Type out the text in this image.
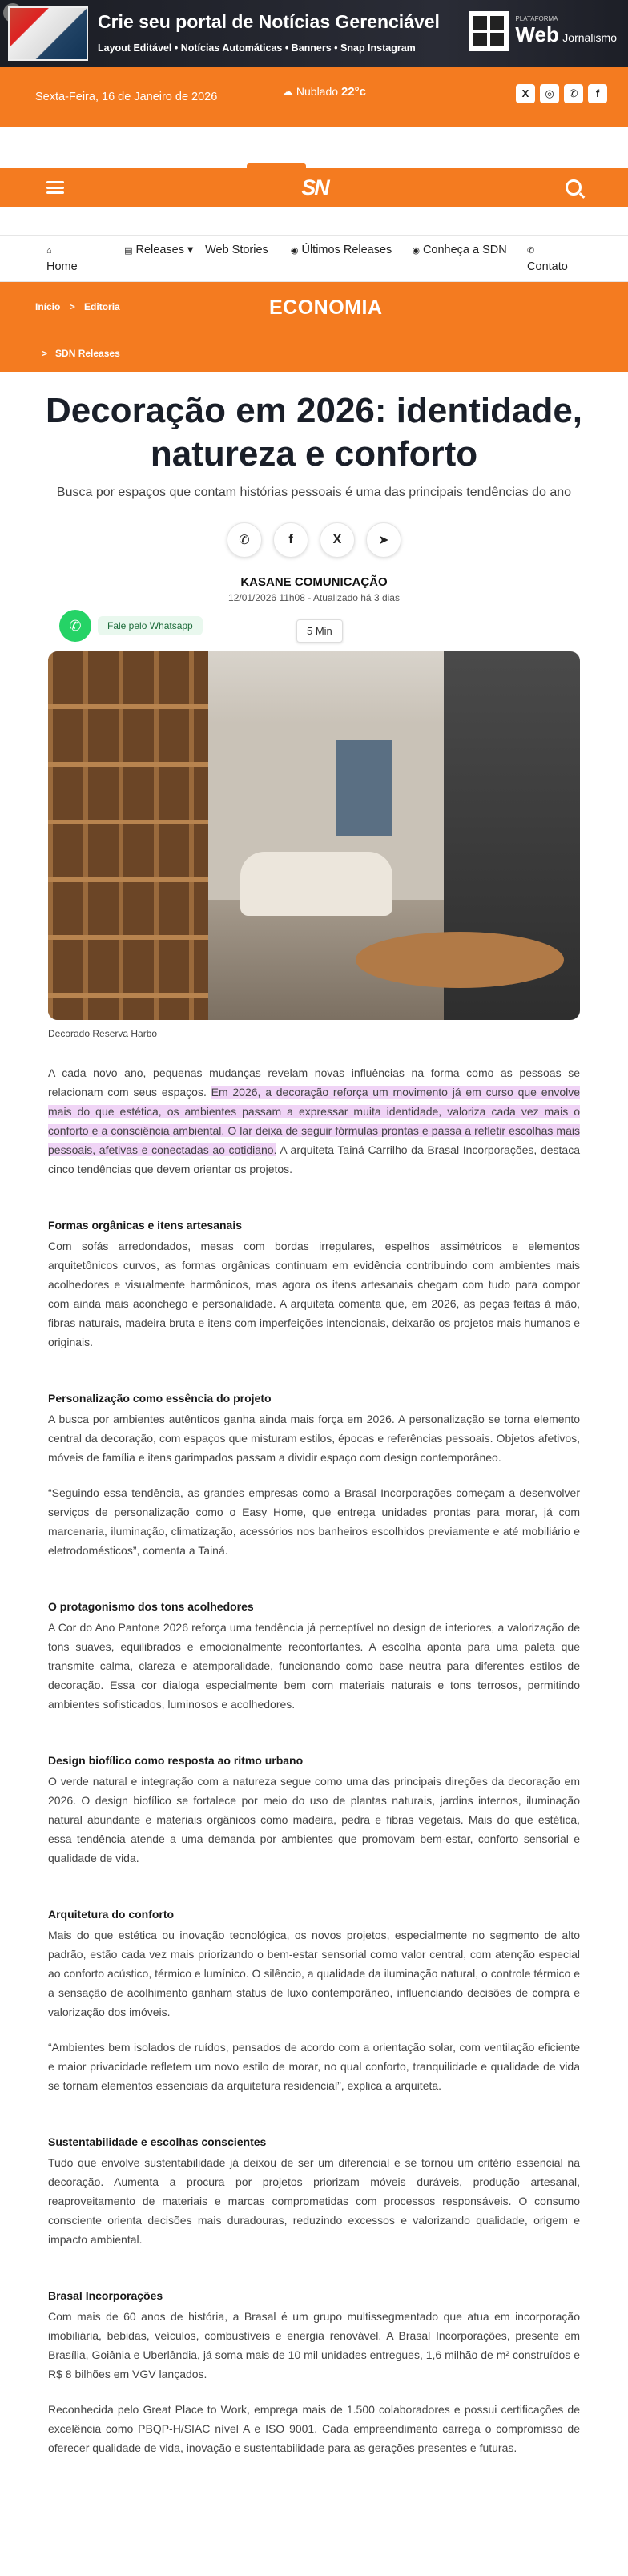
Crie seu portal de Notícias Gerenciável
Layout Editável • Notícias Automáticas • Banners • Snap Instagram
PLATAFORMA
Web Jornalismo
Sexta-Feira, 16 de Janeiro de 2026	☁ Nublado 22°c	X	◎	✆	f
SN
⌂
Home
▤ Releases ▾	Web Stories	◉ Últimos Releases	◉ Conheça a SDN	✆
Contato
Início > Editoria	ECONOMIA
> SDN Releases
Decoração em 2026: identidade, natureza e conforto
Busca por espaços que contam histórias pessoais é uma das principais tendências do ano
✆	f	X	➤
KASANE COMUNICAÇÃO
12/01/2026 11h08 - Atualizado há 3 dias
✆	Fale pelo Whatsapp	5 Min
Decorado Reserva Harbo

A cada novo ano, pequenas mudanças revelam novas influências na forma como as pessoas se relacionam com seus espaços. Em 2026, a decoração reforça um movimento já em curso que envolve mais do que estética, os ambientes passam a expressar muita identidade, valoriza cada vez mais o conforto e a consciência ambiental. O lar deixa de seguir fórmulas prontas e passa a refletir escolhas mais pessoais, afetivas e conectadas ao cotidiano. A arquiteta Tainá Carrilho da Brasal Incorporações, destaca cinco tendências que devem orientar os projetos.

Formas orgânicas e itens artesanais

Com sofás arredondados, mesas com bordas irregulares, espelhos assimétricos e elementos arquitetônicos curvos, as formas orgânicas continuam em evidência contribuindo com ambientes mais acolhedores e visualmente harmônicos, mas agora os itens artesanais chegam com tudo para compor com ainda mais aconchego e personalidade. A arquiteta comenta que, em 2026, as peças feitas à mão, fibras naturais, madeira bruta e itens com imperfeições intencionais, deixarão os projetos mais humanos e originais.

Personalização como essência do projeto

A busca por ambientes autênticos ganha ainda mais força em 2026. A personalização se torna elemento central da decoração, com espaços que misturam estilos, épocas e referências pessoais. Objetos afetivos, móveis de família e itens garimpados passam a dividir espaço com design contemporâneo.

“Seguindo essa tendência, as grandes empresas como a Brasal Incorporações começam a desenvolver serviços de personalização como o Easy Home, que entrega unidades prontas para morar, já com marcenaria, iluminação, climatização, acessórios nos banheiros escolhidos previamente e até mobiliário e eletrodomésticos”, comenta a Tainá.

O protagonismo dos tons acolhedores

A Cor do Ano Pantone 2026 reforça uma tendência já perceptível no design de interiores, a valorização de tons suaves, equilibrados e emocionalmente reconfortantes. A escolha aponta para uma paleta que transmite calma, clareza e atemporalidade, funcionando como base neutra para diferentes estilos de decoração. Essa cor dialoga especialmente bem com materiais naturais e tons terrosos, permitindo ambientes sofisticados, luminosos e acolhedores.

Design biofílico como resposta ao ritmo urbano

O verde natural e integração com a natureza segue como uma das principais direções da decoração em 2026. O design biofílico se fortalece por meio do uso de plantas naturais, jardins internos, iluminação natural abundante e materiais orgânicos como madeira, pedra e fibras vegetais. Mais do que estética, essa tendência atende a uma demanda por ambientes que promovam bem-estar, conforto sensorial e qualidade de vida.

Arquitetura do conforto

Mais do que estética ou inovação tecnológica, os novos projetos, especialmente no segmento de alto padrão, estão cada vez mais priorizando o bem-estar sensorial como valor central, com atenção especial ao conforto acústico, térmico e lumínico. O silêncio, a qualidade da iluminação natural, o controle térmico e a sensação de acolhimento ganham status de luxo contemporâneo, influenciando decisões de compra e valorização dos imóveis.

“Ambientes bem isolados de ruídos, pensados de acordo com a orientação solar, com ventilação eficiente e maior privacidade refletem um novo estilo de morar, no qual conforto, tranquilidade e qualidade de vida se tornam elementos essenciais da arquitetura residencial”, explica a arquiteta.

Sustentabilidade e escolhas conscientes

Tudo que envolve sustentabilidade já deixou de ser um diferencial e se tornou um critério essencial na decoração. Aumenta a procura por projetos priorizam móveis duráveis, produção artesanal, reaproveitamento de materiais e marcas comprometidas com processos responsáveis. O consumo consciente orienta decisões mais duradouras, reduzindo excessos e valorizando qualidade, origem e impacto ambiental.

Brasal Incorporações

Com mais de 60 anos de história, a Brasal é um grupo multissegmentado que atua em incorporação imobiliária, bebidas, veículos, combustíveis e energia renovável. A Brasal Incorporações, presente em Brasília, Goiânia e Uberlândia, já soma mais de 10 mil unidades entregues, 1,6 milhão de m² construídos e R$ 8 bilhões em VGV lançados.

Reconhecida pelo Great Place to Work, emprega mais de 1.500 colaboradores e possui certificações de excelência como PBQP-H/SIAC nível A e ISO 9001. Cada empreendimento carrega o compromisso de oferecer qualidade de vida, inovação e sustentabilidade para as gerações presentes e futuras.
